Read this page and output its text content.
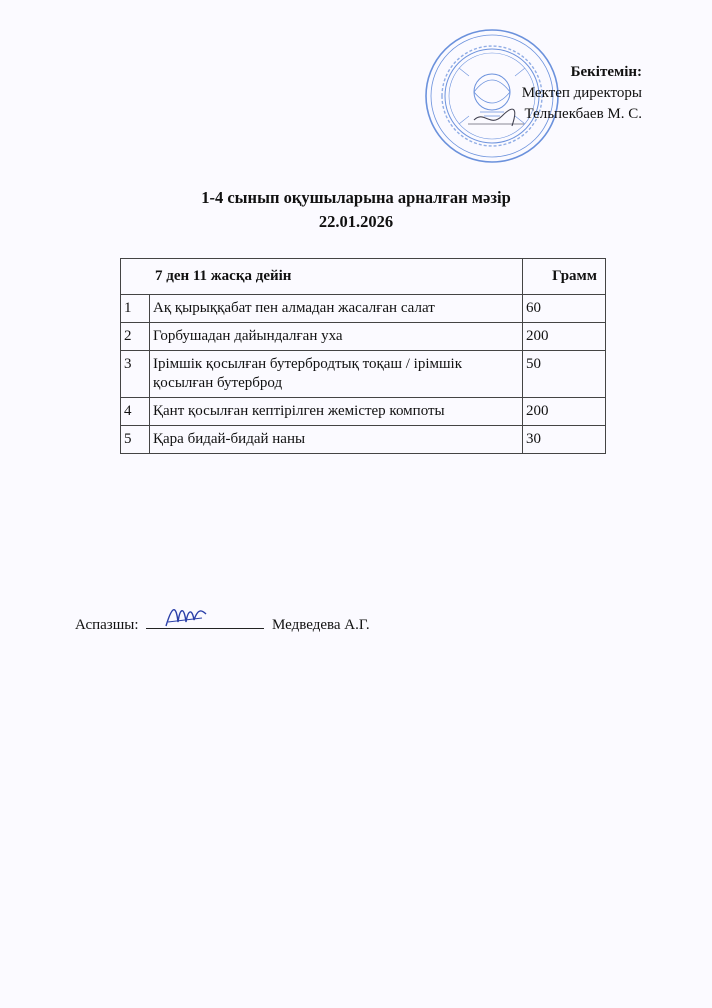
Бекітемін:
Мектеп директоры
Тельпекбаев М. С.
1-4 сынып оқушыларына арналған мәзір
22.01.2026
7 ден 11 жасқа дейін		Грамм
1	Ақ қырыққабат пен алмадан жасалған салат	60
2	Горбушадан дайындалған уха	200
3	Ірімшік қосылған бутербродтық тоқаш / ірімшік қосылған бутерброд	50
4	Қант қосылған кептірілген жемістер компоты	200
5	Қара бидай-бидай наны	30
Аспазшы:	Медведева А.Г.
